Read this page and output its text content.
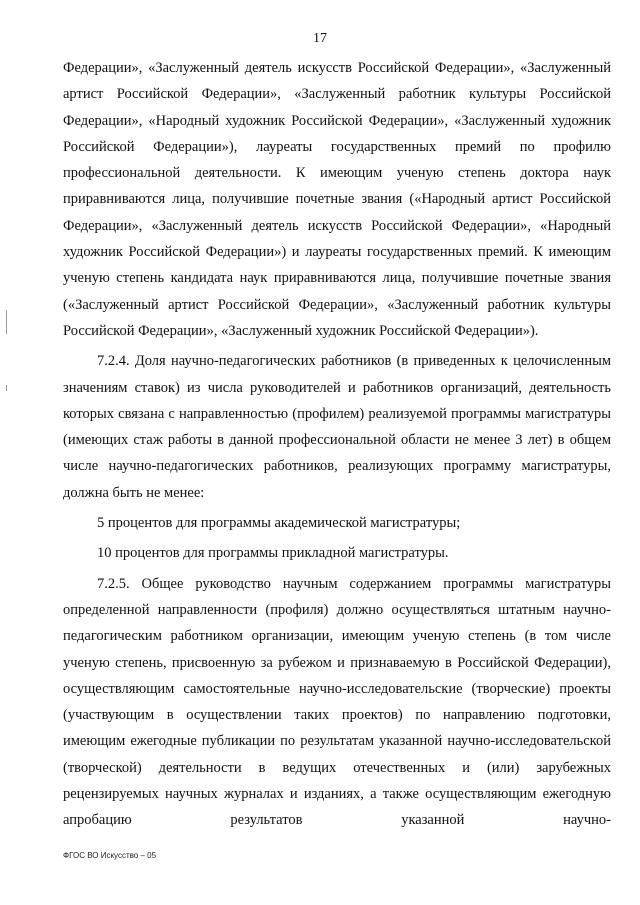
17

Федерации», «Заслуженный деятель искусств Российской Федерации», «Заслуженный артист Российской Федерации», «Заслуженный работник культуры Российской Федерации», «Народный художник Российской Федерации», «Заслуженный художник Российской Федерации»), лауреаты государственных премий по профилю профессиональной деятельности. К имеющим ученую степень доктора наук приравниваются лица, получившие почетные звания («Народный артист Российской Федерации», «Заслуженный деятель искусств Российской Федерации», «Народный художник Российской Федерации») и лауреаты государственных премий. К имеющим ученую степень кандидата наук приравниваются лица, получившие почетные звания («Заслуженный артист Российской Федерации», «Заслуженный работник культуры Российской Федерации», «Заслуженный художник Российской Федерации»).

7.2.4. Доля научно-педагогических работников (в приведенных к целочисленным значениям ставок) из числа руководителей и работников организаций, деятельность которых связана с направленностью (профилем) реализуемой программы магистратуры (имеющих стаж работы в данной профессиональной области не менее 3 лет) в общем числе научно-педагогических работников, реализующих программу магистратуры, должна быть не менее:

5 процентов для программы академической магистратуры;

10 процентов для программы прикладной магистратуры.

7.2.5. Общее руководство научным содержанием программы магистратуры определенной направленности (профиля) должно осуществляться штатным научно-педагогическим работником организации, имеющим ученую степень (в том числе ученую степень, присвоенную за рубежом и признаваемую в Российской Федерации), осуществляющим самостоятельные научно-исследовательские (творческие) проекты (участвующим в осуществлении таких проектов) по направлению подготовки, имеющим ежегодные публикации по результатам указанной научно-исследовательской (творческой) деятельности в ведущих отечественных и (или) зарубежных рецензируемых научных журналах и изданиях, а также осуществляющим ежегодную апробацию результатов указанной научно-

ФГОС ВО Искусство – 05
